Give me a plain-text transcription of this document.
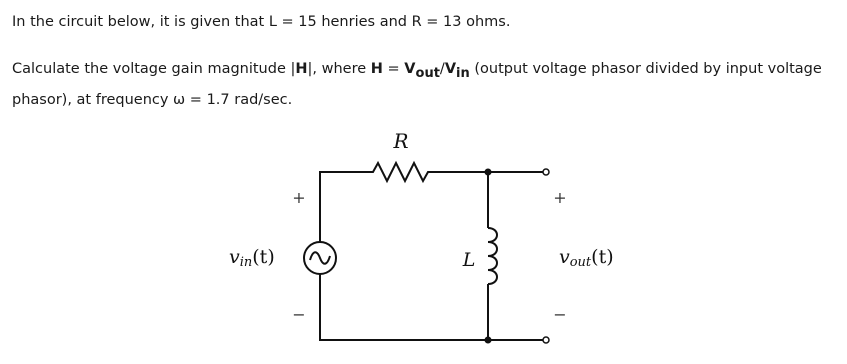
In the circuit below, it is given that L = 15 henries and R = 13 ohms.

Calculate the voltage gain magnitude |H|, where H = Vout/Vin (output voltage phasor divided by input voltage
phasor), at frequency ω = 1.7 rad/sec.

R
L
vin(t)	vout(t)
+
−
+
−
